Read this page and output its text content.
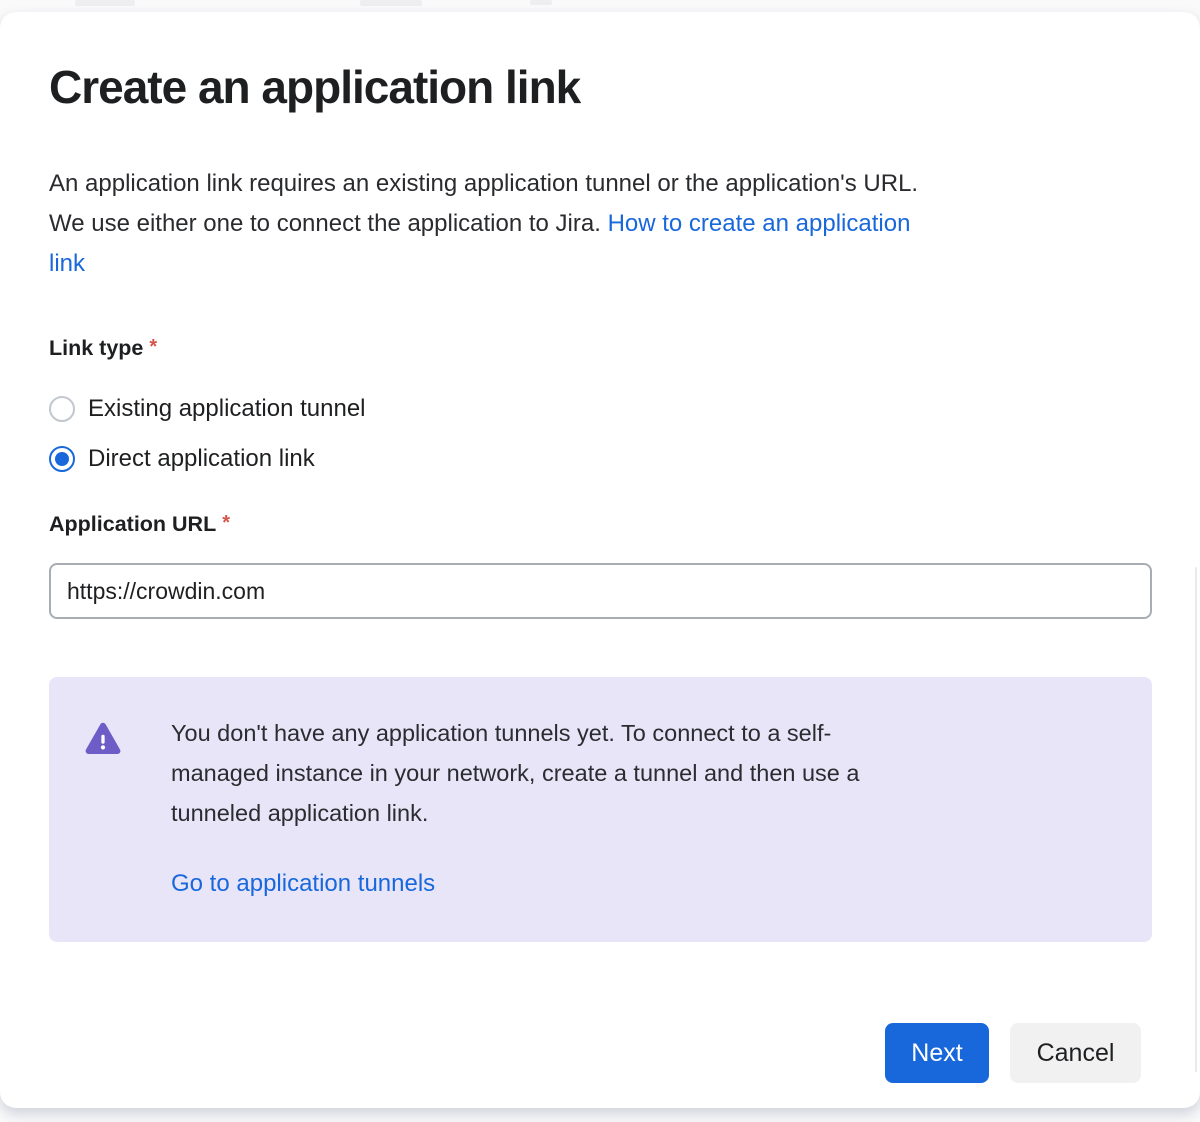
Create an application link
An application link requires an existing application tunnel or the application's URL.
We use either one to connect the application to Jira. How to create an application
link
Link type *
Existing application tunnel
Direct application link
Application URL *
https://crowdin.com
You don't have any application tunnels yet. To connect to a self-
managed instance in your network, create a tunnel and then use a
tunneled application link.
Go to application tunnels
Next	Cancel
